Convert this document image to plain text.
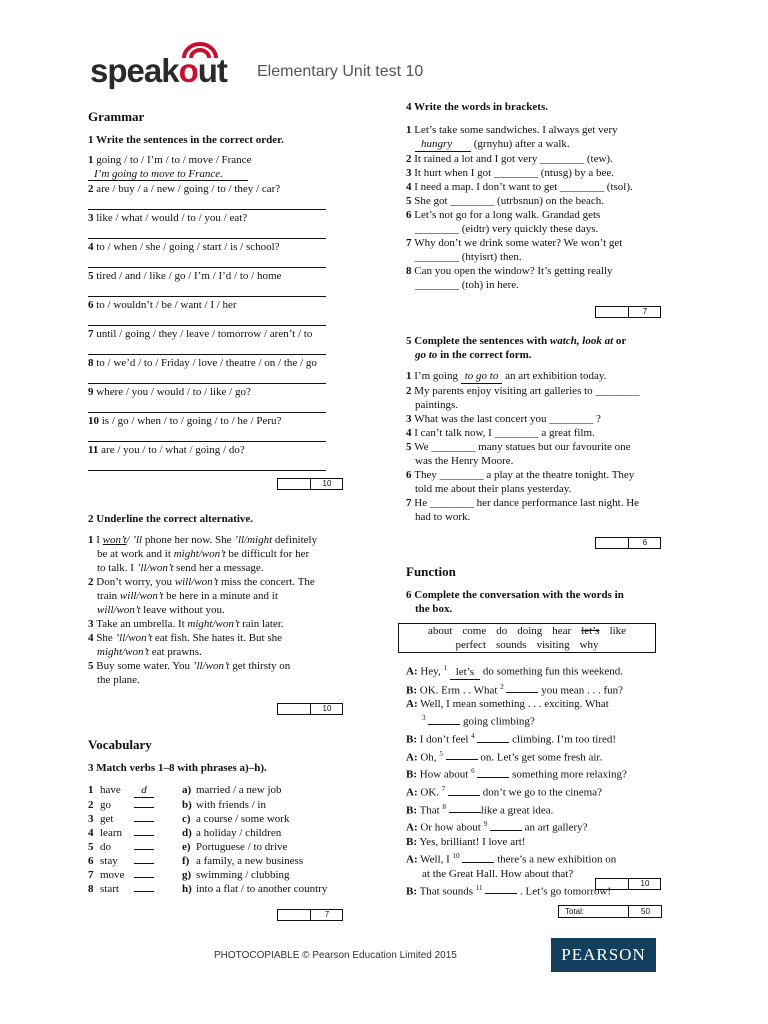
speakout Elementary Unit test 10
Grammar

1 Write the sentences in the correct order.

1 going / to / I’m / to / move / France
I’m going to move to France.
2 are / buy / a / new / going / to / they / car?
3 like / what / would / to / you / eat?
4 to / when / she / going / start / is / school?
5 tired / and / like / go / I’m / I’d / to / home
6 to / wouldn’t / be / want / I / her
7 until / going / they / leave / tomorrow / aren’t / to
8 to / we’d / to / Friday / love / theatre / on / the / go
9 where / you / would / to / like / go?
10 is / go / when / to / going / to / he / Peru?
11 are / you / to / what / going / do?
10

2 Underline the correct alternative.

1 I won’t/ ’ll phone her now. She ’ll/might definitely
be at work and it might/won’t be difficult for her
to talk. I ’ll/won’t send her a message.
2 Don’t worry, you will/won’t miss the concert. The
train will/won’t be here in a minute and it
will/won’t leave without you.
3 Take an umbrella. It might/won’t rain later.
4 She ’ll/won’t eat fish. She hates it. But she
might/won’t eat prawns.
5 Buy some water. You ’ll/won’t get thirsty on
the plane.
10
Vocabulary

3 Match verbs 1–8 with phrases a)–h).

1	have	d	a)	married / a new job
2	go		b)	with friends / in
3	get		c)	a course / some work
4	learn		d)	a holiday / children
5	do		e)	Portuguese / to drive
6	stay		f)	a family, a new business
7	move		g)	swimming / clubbing
8	start		h)	into a flat / to another country
7

4 Write the words in brackets.

1 Let’s take some sandwiches. I always get very
hungry (grnyhu) after a walk.
2 It rained a lot and I got very ________ (tew).
3 It hurt when I got ________ (ntusg) by a bee.
4 I need a map. I don’t want to get ________ (tsol).
5 She got ________ (utrbsnun) on the beach.
6 Let’s not go for a long walk. Grandad gets
________ (eidtr) very quickly these days.
7 Why don’t we drink some water? We won’t get
________ (htyisrt) then.
8 Can you open the window? It’s getting really
________ (toh) in here.
7

5 Complete the sentences with watch, look at or
go to in the correct form.

1 I’m going to go to an art exhibition today.
2 My parents enjoy visiting art galleries to ________
paintings.
3 What was the last concert you ________ ?
4 I can’t talk now, I ________ a great film.
5 We ________ many statues but our favourite one
was the Henry Moore.
6 They ________ a play at the theatre tonight. They
told me about their plans yesterday.
7 He ________ her dance performance last night. He
had to work.
6
Function

6 Complete the conversation with the words in
the box.

about come do doing hear let’s like
perfect sounds visiting why
A: Hey, $^1$ let’s do something fun this weekend.
B: OK. Erm . . What $^2$	you mean . . . fun?
A: Well, I mean something . . . exciting. What
$^3$	going climbing?
B: I don’t feel $^4$	climbing. I’m too tired!
A: Oh, $^5$	on. Let’s get some fresh air.
B: How about $^6$	something more relaxing?
A: OK. $^7$	don’t we go to the cinema?
B: That $^8$	like a great idea.
A: Or how about $^9$	an art gallery?
B: Yes, brilliant! I love art!
A: Well, I $^{10}$	there’s a new exhibition on
at the Great Hall. How about that?
B: That sounds $^{11}$	. Let’s go tomorrow!
10
Total:	50
PHOTOCOPIABLE © Pearson Education Limited 2015	PEARSON
